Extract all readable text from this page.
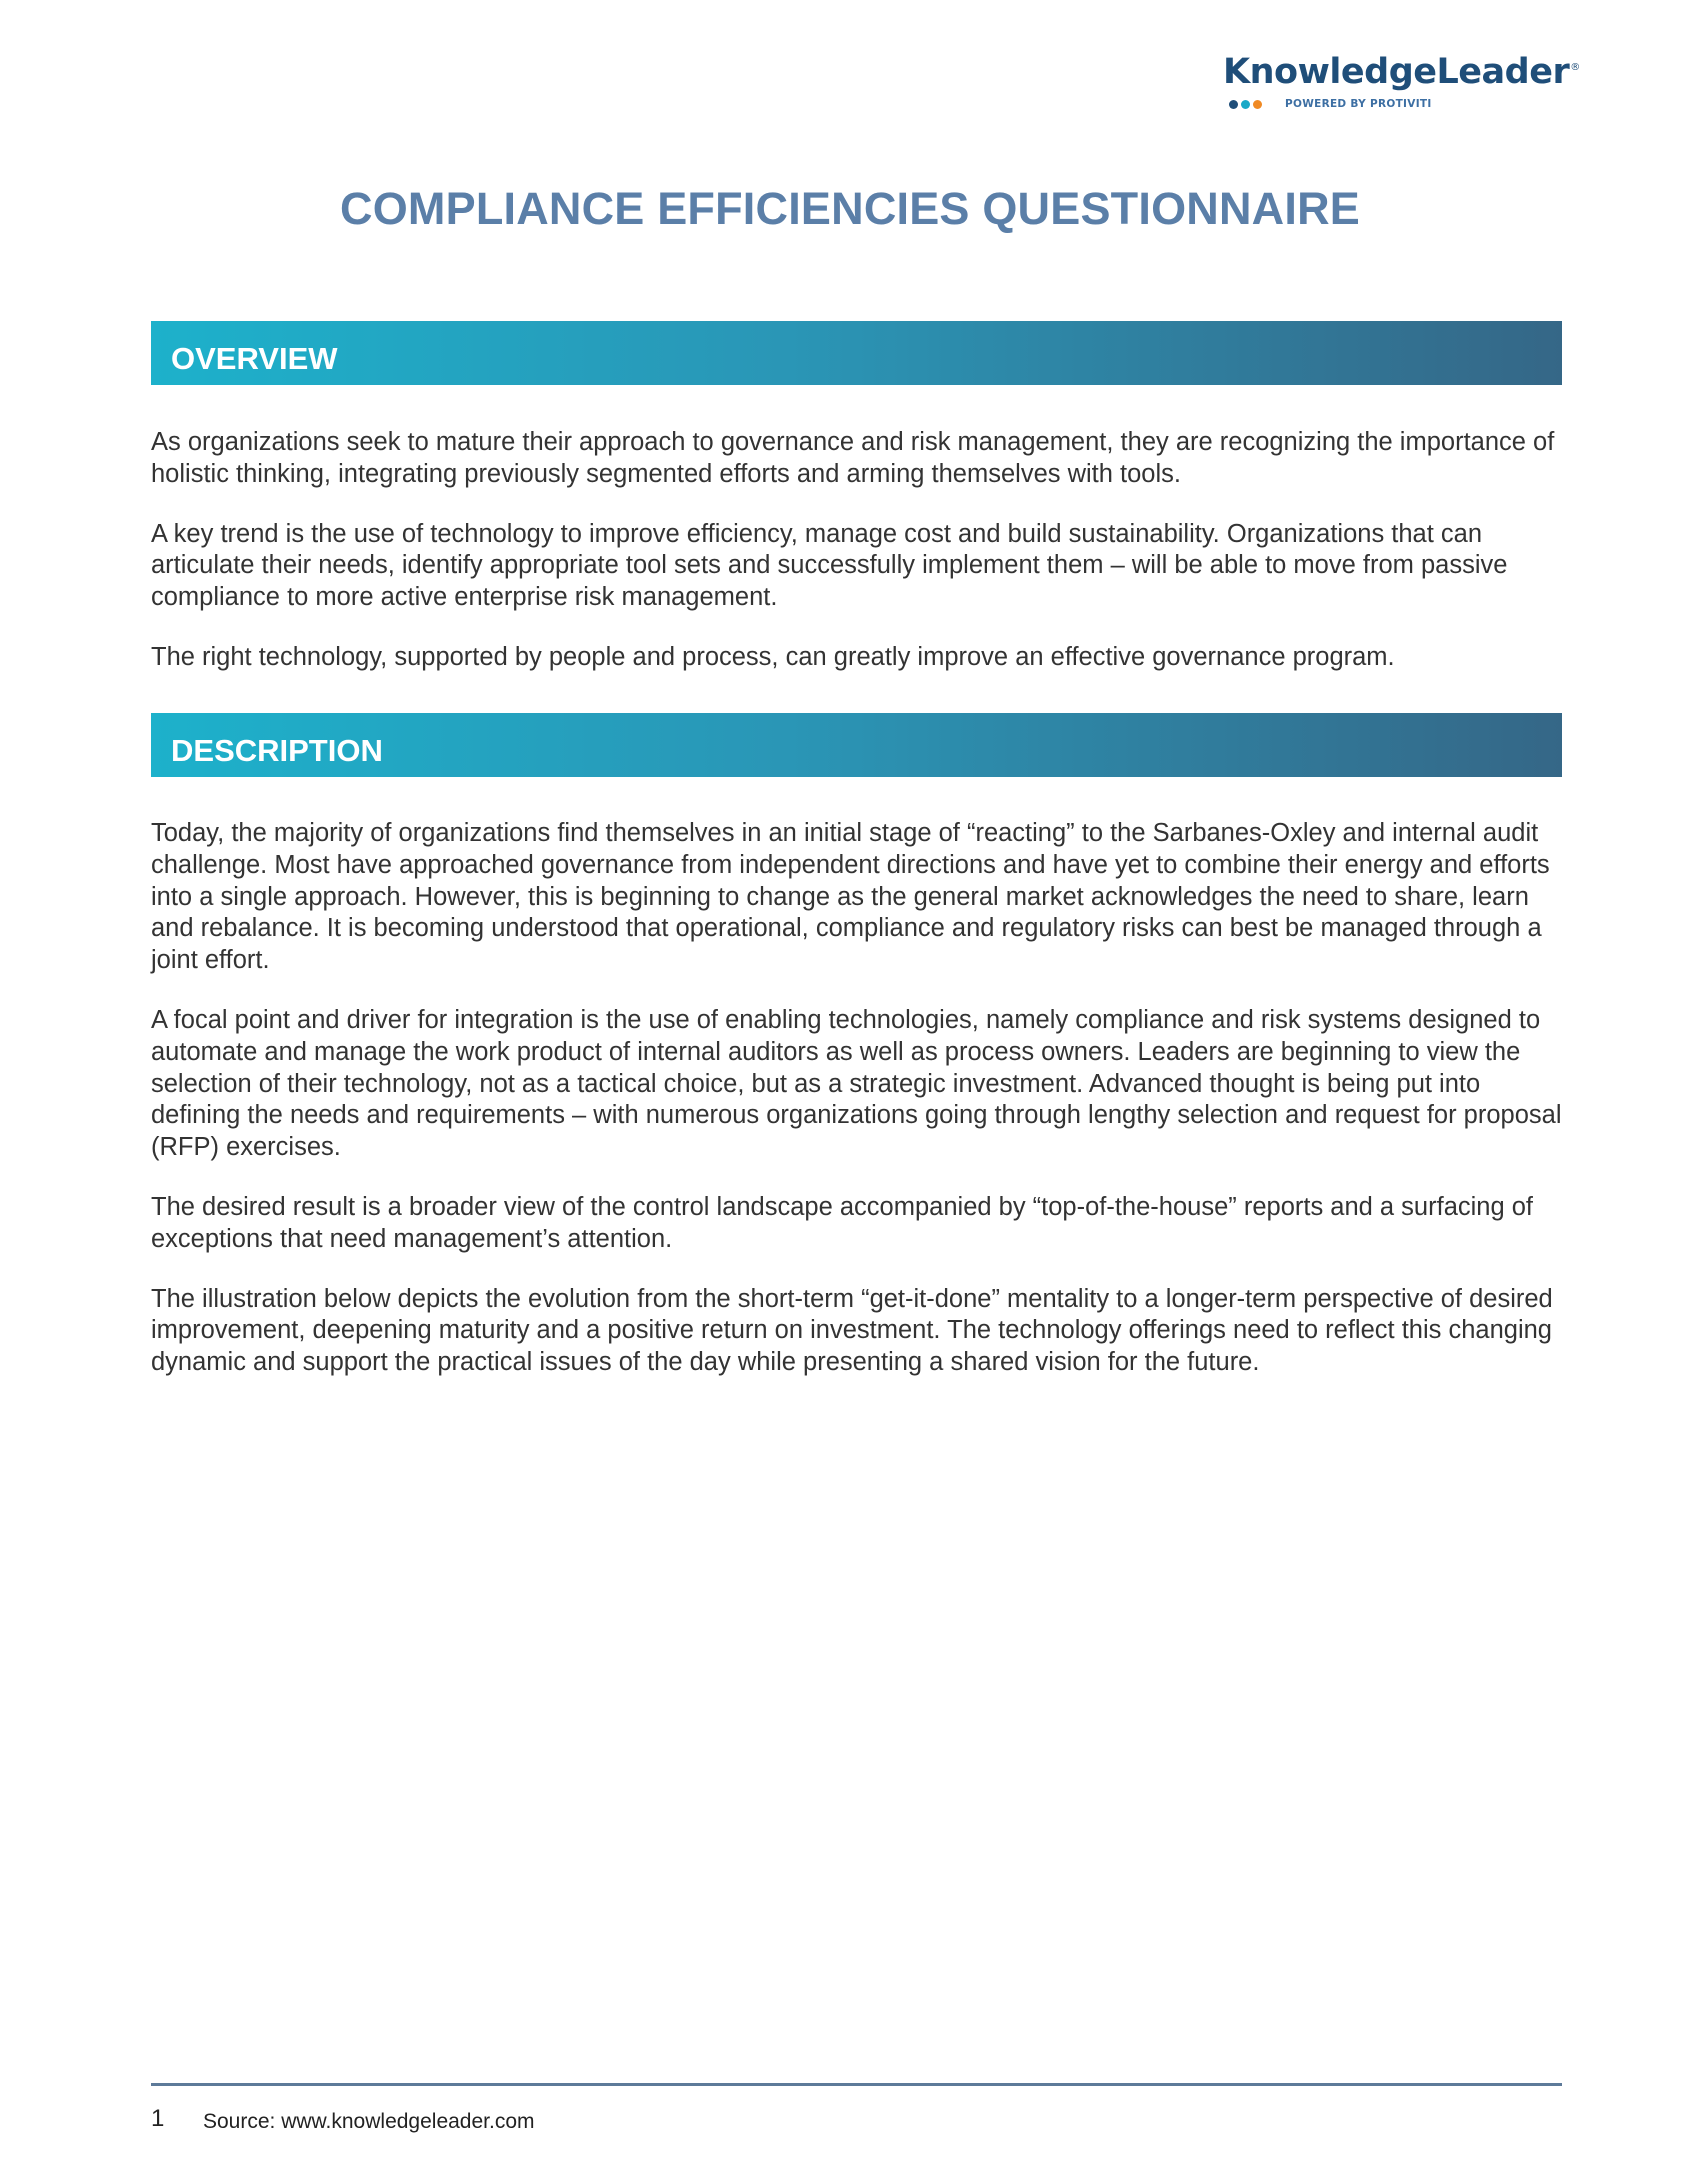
KnowledgeLeader®
POWERED BY PROTIVITI
COMPLIANCE EFFICIENCIES QUESTIONNAIRE
OVERVIEW

As organizations seek to mature their approach to governance and risk management, they are recognizing the importance of holistic thinking, integrating previously segmented efforts and arming themselves with tools.

A key trend is the use of technology to improve efficiency, manage cost and build sustainability. Organizations that can articulate their needs, identify appropriate tool sets and successfully implement them – will be able to move from passive compliance to more active enterprise risk management.

The right technology, supported by people and process, can greatly improve an effective governance program.

DESCRIPTION

Today, the majority of organizations find themselves in an initial stage of “reacting” to the Sarbanes-Oxley and internal audit challenge. Most have approached governance from independent directions and have yet to combine their energy and efforts into a single approach. However, this is beginning to change as the general market acknowledges the need to share, learn and rebalance. It is becoming understood that operational, compliance and regulatory risks can best be managed through a joint effort.

A focal point and driver for integration is the use of enabling technologies, namely compliance and risk systems designed to automate and manage the work product of internal auditors as well as process owners. Leaders are beginning to view the selection of their technology, not as a tactical choice, but as a strategic investment. Advanced thought is being put into defining the needs and requirements – with numerous organizations going through lengthy selection and request for proposal (RFP) exercises.

The desired result is a broader view of the control landscape accompanied by “top-of-the-house” reports and a surfacing of exceptions that need management’s attention.

The illustration below depicts the evolution from the short-term “get-it-done” mentality to a longer-term perspective of desired improvement, deepening maturity and a positive return on investment. The technology offerings need to reflect this changing dynamic and support the practical issues of the day while presenting a shared vision for the future.

1 Source: www.knowledgeleader.com
